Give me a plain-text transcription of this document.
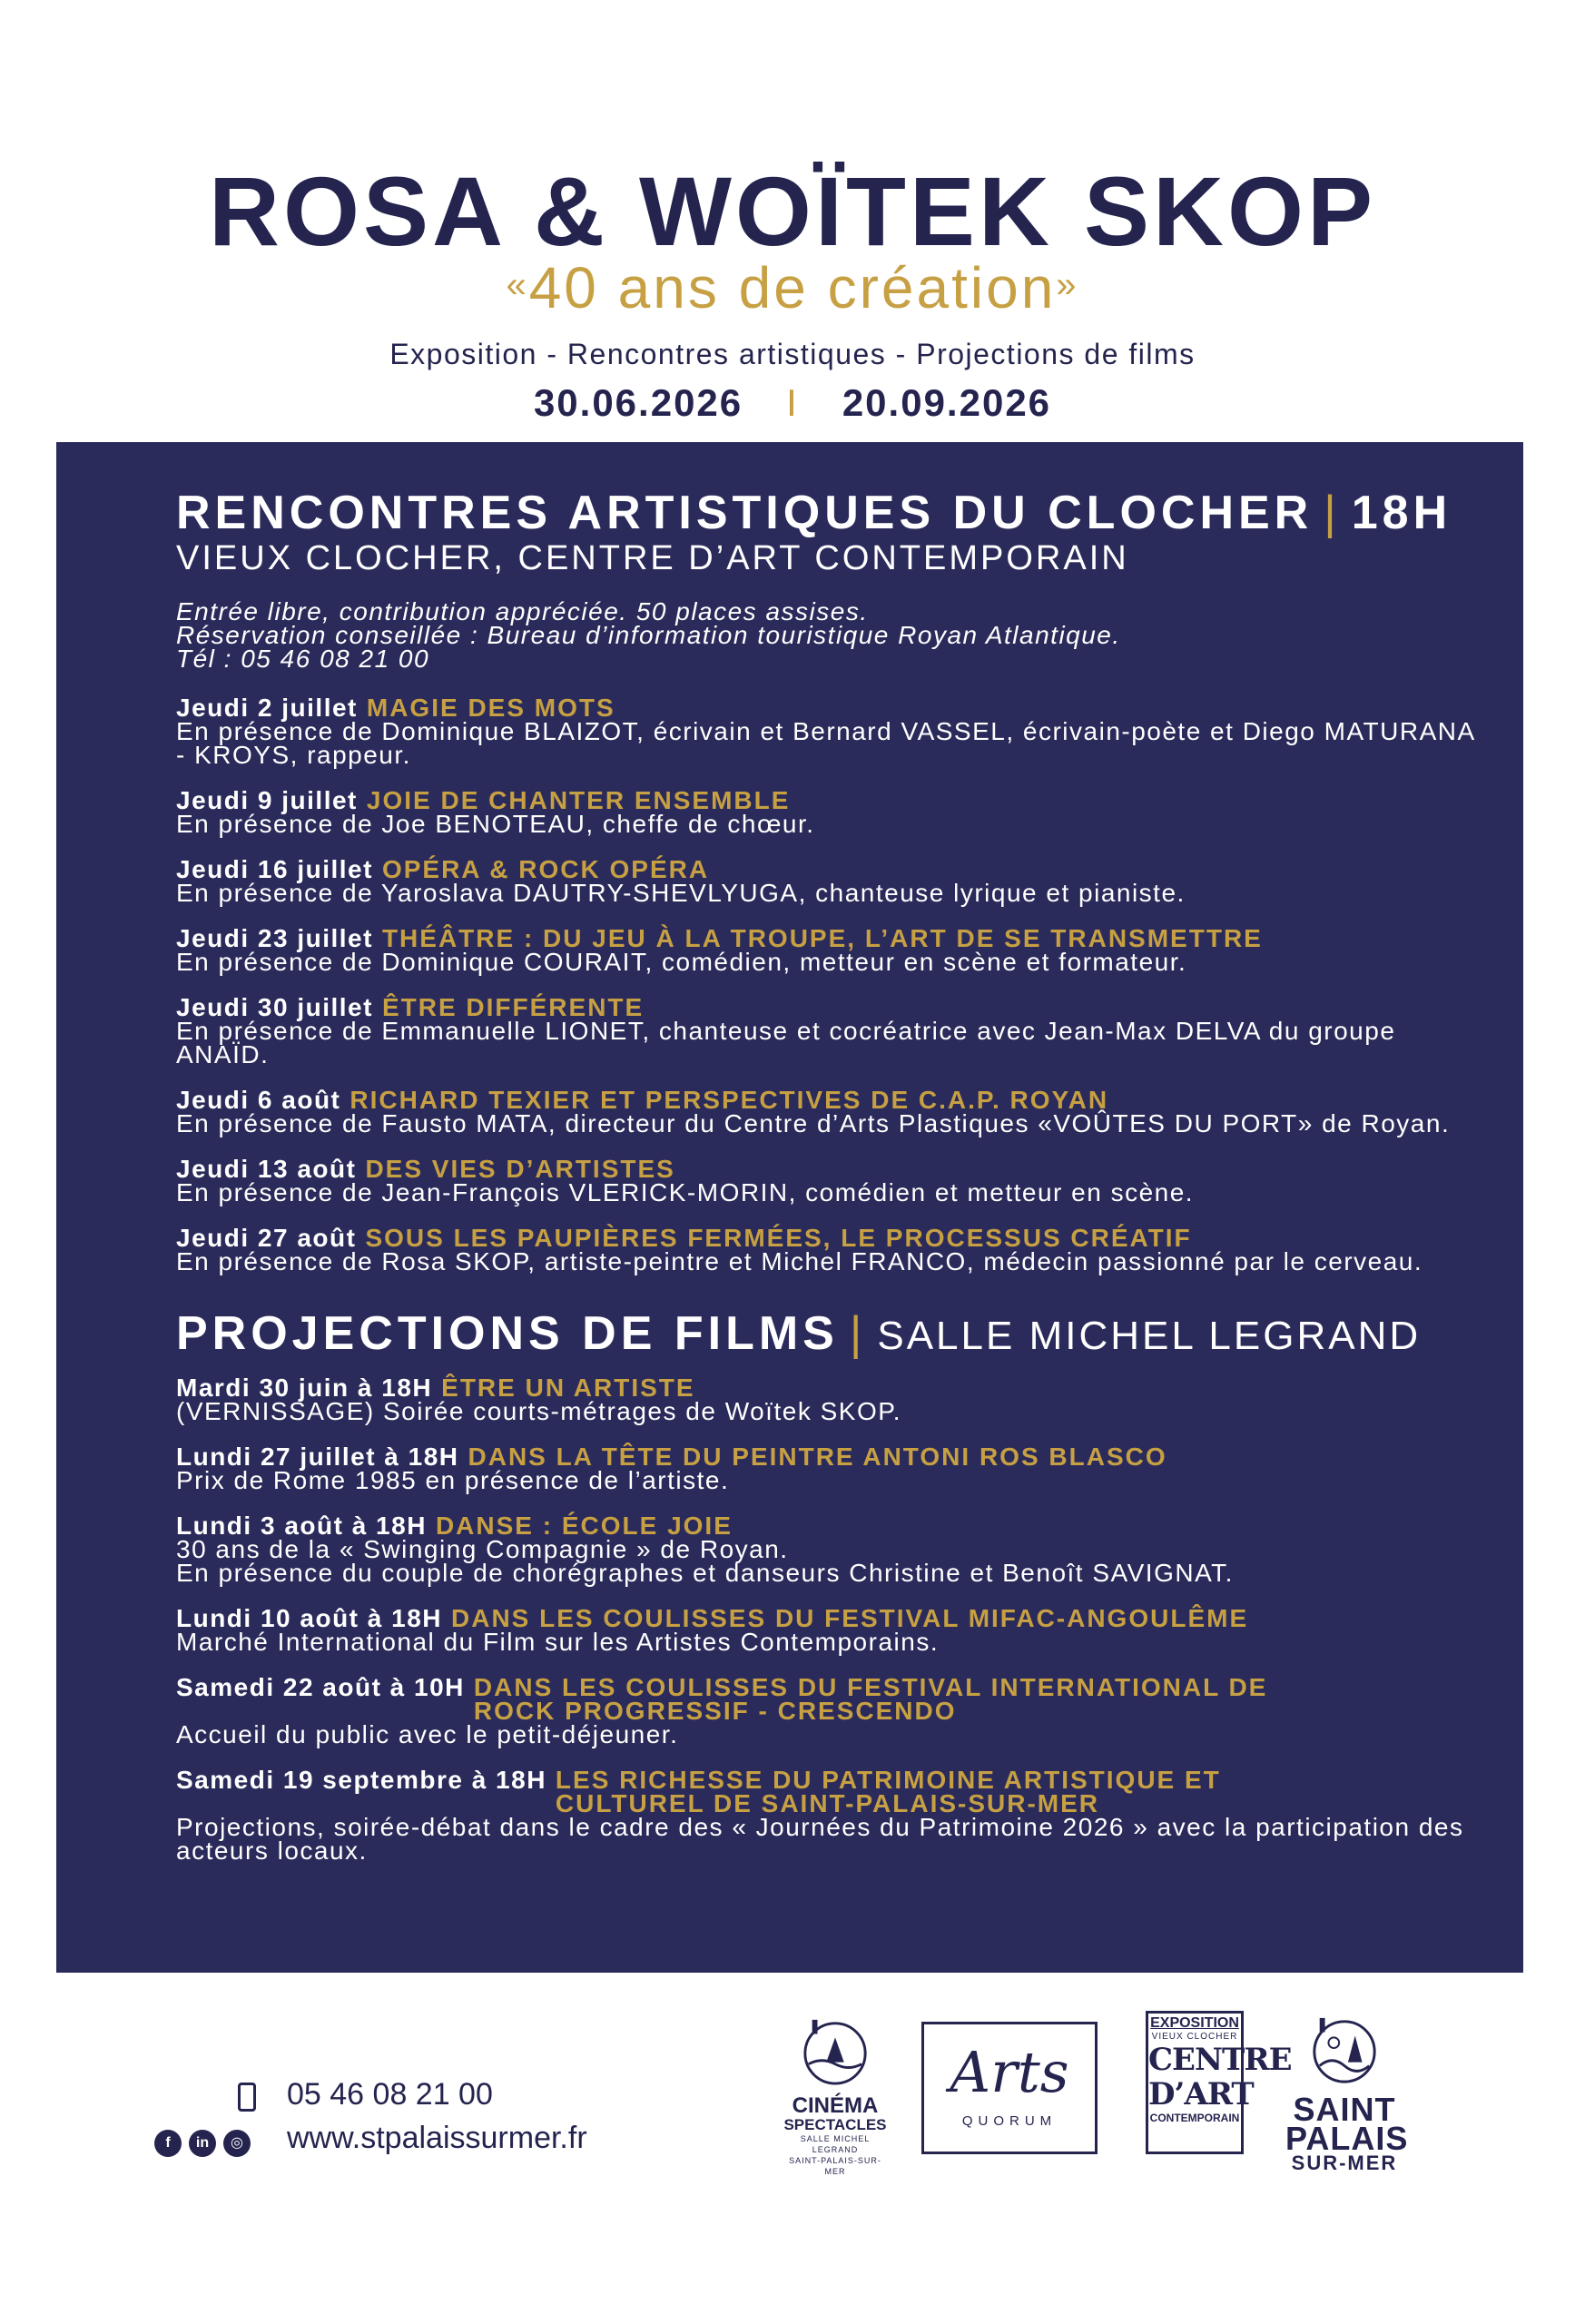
ROSA & WOÏTEK SKOP
«40 ans de création»
Exposition - Rencontres artistiques - Projections de films
30.06.2026 I 20.09.2026
RENCONTRES ARTISTIQUES DU CLOCHER | 18H
VIEUX CLOCHER, CENTRE D’ART CONTEMPORAIN
Entrée libre, contribution appréciée. 50 places assises.
Réservation conseillée : Bureau d’information touristique Royan Atlantique.
Tél : 05 46 08 21 00
Jeudi 2 juillet MAGIE DES MOTS
En présence de Dominique BLAIZOT, écrivain et Bernard VASSEL, écrivain-poète et Diego MATURANA - KROYS, rappeur.
Jeudi 9 juillet JOIE DE CHANTER ENSEMBLE
En présence de Joe BENOTEAU, cheffe de chœur.
Jeudi 16 juillet OPÉRA & ROCK OPÉRA
En présence de Yaroslava DAUTRY-SHEVLYUGA, chanteuse lyrique et pianiste.
Jeudi 23 juillet THÉÂTRE : DU JEU À LA TROUPE, L’ART DE SE TRANSMETTRE
En présence de Dominique COURAIT, comédien, metteur en scène et formateur.
Jeudi 30 juillet ÊTRE DIFFÉRENTE
En présence de Emmanuelle LIONET, chanteuse et cocréatrice avec Jean-Max DELVA du groupe ANAÏD.
Jeudi 6 août RICHARD TEXIER ET PERSPECTIVES DE C.A.P. ROYAN
En présence de Fausto MATA, directeur du Centre d’Arts Plastiques «VOÛTES DU PORT» de Royan.
Jeudi 13 août DES VIES D’ARTISTES
En présence de Jean-François VLERICK-MORIN, comédien et metteur en scène.
Jeudi 27 août SOUS LES PAUPIÈRES FERMÉES, LE PROCESSUS CRÉATIF
En présence de Rosa SKOP, artiste-peintre et Michel FRANCO, médecin passionné par le cerveau.
PROJECTIONS DE FILMS | SALLE MICHEL LEGRAND
Mardi 30 juin à 18H ÊTRE UN ARTISTE
(VERNISSAGE) Soirée courts-métrages de Woïtek SKOP.
Lundi 27 juillet à 18H DANS LA TÊTE DU PEINTRE ANTONI ROS BLASCO
Prix de Rome 1985 en présence de l’artiste.
Lundi 3 août à 18H DANSE : ÉCOLE JOIE
30 ans de la « Swinging Compagnie » de Royan.
En présence du couple de chorégraphes et danseurs Christine et Benoît SAVIGNAT.
Lundi 10 août à 18H DANS LES COULISSES DU FESTIVAL MIFAC-ANGOULÊME
Marché International du Film sur les Artistes Contemporains.
Samedi 22 août à 10H DANS LES COULISSES DU FESTIVAL INTERNATIONAL DE ROCK PROGRESSIF - CRESCENDO
Accueil du public avec le petit-déjeuner.
Samedi 19 septembre à 18H LES RICHESSE DU PATRIMOINE ARTISTIQUE ET CULTUREL DE SAINT-PALAIS-SUR-MER
Projections, soirée-débat dans le cadre des « Journées du Patrimoine 2026 » avec la participation des acteurs locaux.
05 46 08 21 00
f	in	◎ www.stpalaissurmer.fr
CINÉMA
SPECTACLES
SALLE MICHEL LEGRAND
SAINT-PALAIS-SUR-MER
Arts
QUORUM
EXPOSITION
VIEUX CLOCHER
CENTRE
D’ART
CONTEMPORAIN SAINT
PALAIS
SUR-MER
